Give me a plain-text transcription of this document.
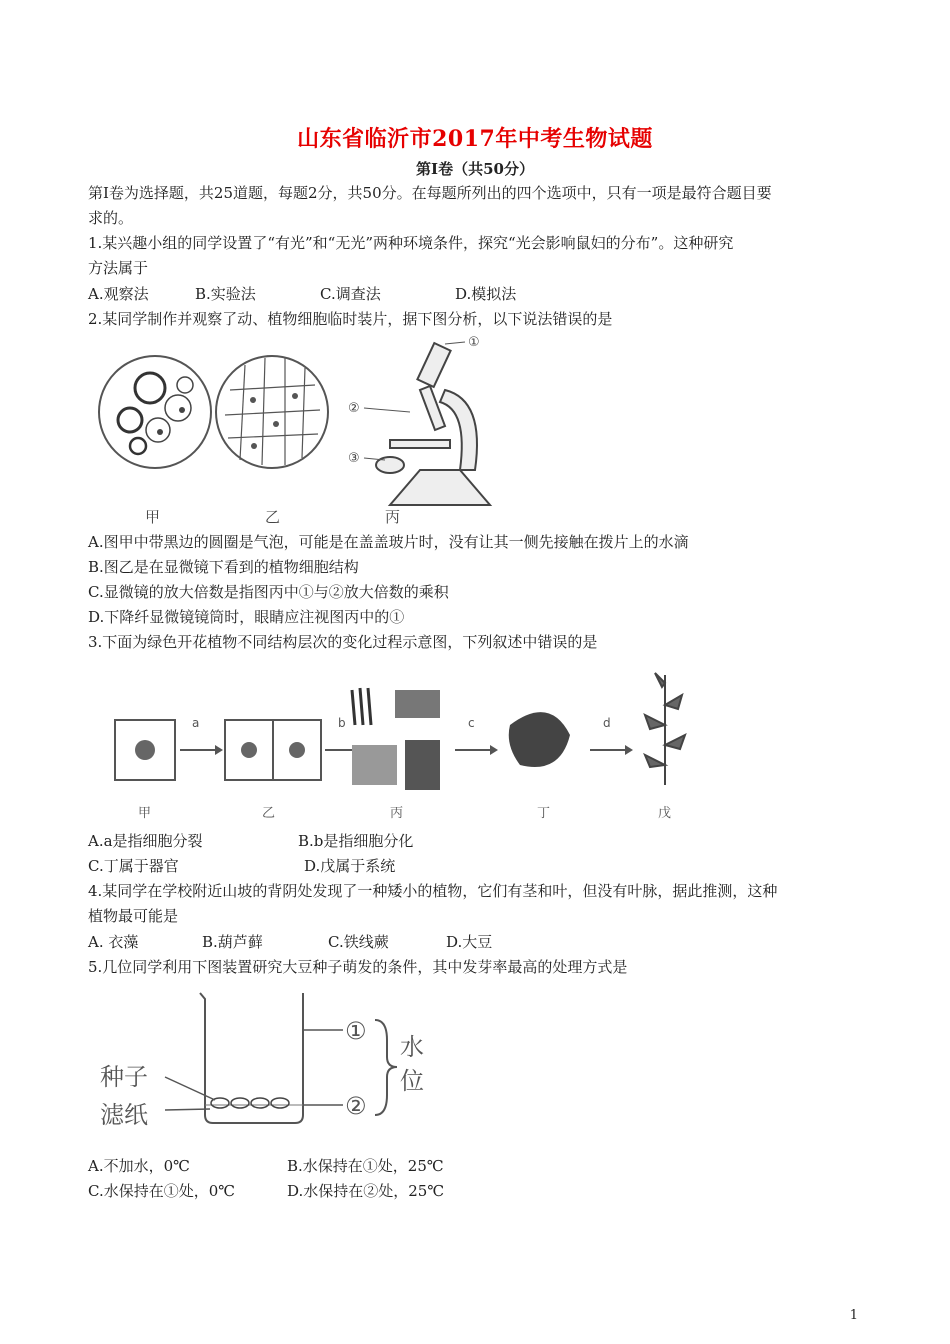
山东省临沂市2017年中考生物试题
第Ⅰ卷（共50分）
第Ⅰ卷为选择题，共25道题，每题2分，共50分。在每题所列出的四个选项中，只有一项是最符合题目要
求的。
1.某兴趣小组的同学设置了“有光”和“无光”两种环境条件，探究“光会影响鼠妇的分布”。这种研究
方法属于
A.观察法	B.实验法	C.调查法	D.模拟法
2.某同学制作并观察了动、植物细胞临时装片，据下图分析，以下说法错误的是
①
②
③
甲	乙	丙
A.图甲中带黑边的圆圈是气泡，可能是在盖盖玻片时，没有让其一侧先接触在拨片上的水滴
B.图乙是在显微镜下看到的植物细胞结构
C.显微镜的放大倍数是指图丙中①与②放大倍数的乘积
D.下降纤显微镜镜筒时，眼睛应注视图丙中的①
3.下面为绿色开花植物不同结构层次的变化过程示意图，下列叙述中错误的是
a	b	c	d
甲	乙	丙	丁	戊
A.a是指细胞分裂	B.b是指细胞分化
C.丁属于器官	D.戊属于系统
4.某同学在学校附近山坡的背阴处发现了一种矮小的植物，它们有茎和叶，但没有叶脉，据此推测，这种
植物最可能是
A. 衣藻	B.葫芦藓	C.铁线蕨	D.大豆
5.几位同学利用下图装置研究大豆种子萌发的条件，其中发芽率最高的处理方式是
①
②
水
位
种子
滤纸
A.不加水，0℃	B.水保持在①处，25℃
C.水保持在①处，0℃	D.水保持在②处，25℃
1
